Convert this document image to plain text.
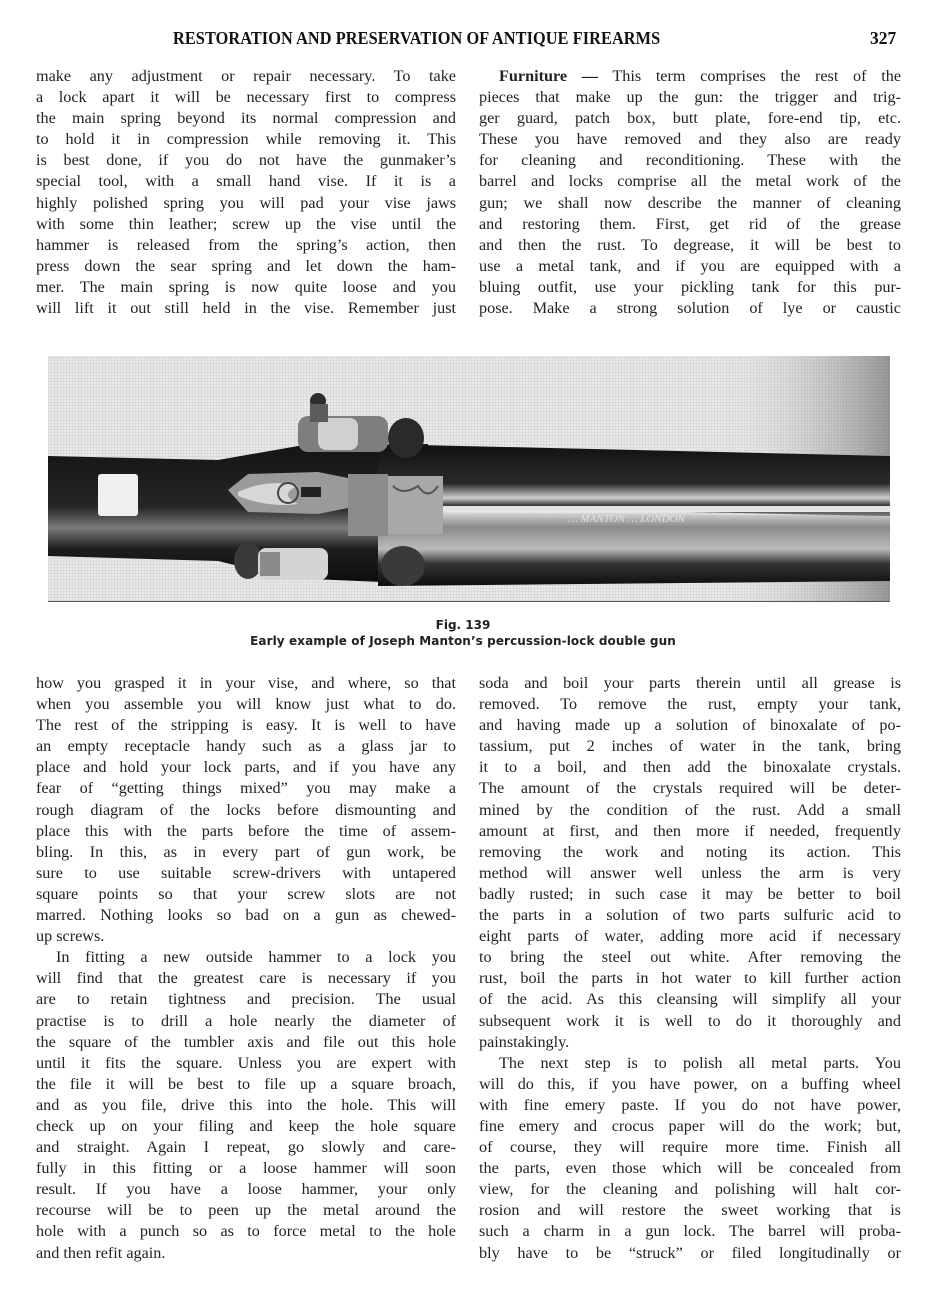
RESTORATION AND PRESERVATION OF ANTIQUE FIREARMS	327

make any adjustment or repair necessary. To take
a lock apart it will be necessary first to compress
the main spring beyond its normal compression and
to hold it in compression while removing it. This
is best done, if you do not have the gunmaker’s
special tool, with a small hand vise. If it is a
highly polished spring you will pad your vise jaws
with some thin leather; screw up the vise until the
hammer is released from the spring’s action, then
press down the sear spring and let down the ham-
mer. The main spring is now quite loose and you
will lift it out still held in the vise. Remember just

Furniture — This term comprises the rest of the
pieces that make up the gun: the trigger and trig-
ger guard, patch box, butt plate, fore-end tip, etc.
These you have removed and they also are ready
for cleaning and reconditioning. These with the
barrel and locks comprise all the metal work of the
gun; we shall now describe the manner of cleaning
and restoring them. First, get rid of the grease
and then the rust. To degrease, it will be best to
use a metal tank, and if you are equipped with a
bluing outfit, use your pickling tank for this pur-
pose. Make a strong solution of lye or caustic

… MANTON … LONDON
Fig. 139
Early example of Joseph Manton’s percussion-lock double gun

how you grasped it in your vise, and where, so that
when you assemble you will know just what to do.
The rest of the stripping is easy. It is well to have
an empty receptacle handy such as a glass jar to
place and hold your lock parts, and if you have any
fear of “getting things mixed” you may make a
rough diagram of the locks before dismounting and
place this with the parts before the time of assem-
bling. In this, as in every part of gun work, be
sure to use suitable screw-drivers with untapered
square points so that your screw slots are not
marred. Nothing looks so bad on a gun as chewed-
up screws.

In fitting a new outside hammer to a lock you
will find that the greatest care is necessary if you
are to retain tightness and precision. The usual
practise is to drill a hole nearly the diameter of
the square of the tumbler axis and file out this hole
until it fits the square. Unless you are expert with
the file it will be best to file up a square broach,
and as you file, drive this into the hole. This will
check up on your filing and keep the hole square
and straight. Again I repeat, go slowly and care-
fully in this fitting or a loose hammer will soon
result. If you have a loose hammer, your only
recourse will be to peen up the metal around the
hole with a punch so as to force metal to the hole
and then refit again.

soda and boil your parts therein until all grease is
removed. To remove the rust, empty your tank,
and having made up a solution of binoxalate of po-
tassium, put 2 inches of water in the tank, bring
it to a boil, and then add the binoxalate crystals.
The amount of the crystals required will be deter-
mined by the condition of the rust. Add a small
amount at first, and then more if needed, frequently
removing the work and noting its action. This
method will answer well unless the arm is very
badly rusted; in such case it may be better to boil
the parts in a solution of two parts sulfuric acid to
eight parts of water, adding more acid if necessary
to bring the steel out white. After removing the
rust, boil the parts in hot water to kill further action
of the acid. As this cleansing will simplify all your
subsequent work it is well to do it thoroughly and
painstakingly.

The next step is to polish all metal parts. You
will do this, if you have power, on a buffing wheel
with fine emery paste. If you do not have power,
fine emery and crocus paper will do the work; but,
of course, they will require more time. Finish all
the parts, even those which will be concealed from
view, for the cleaning and polishing will halt cor-
rosion and will restore the sweet working that is
such a charm in a gun lock. The barrel will proba-
bly have to be “struck” or filed longitudinally or
